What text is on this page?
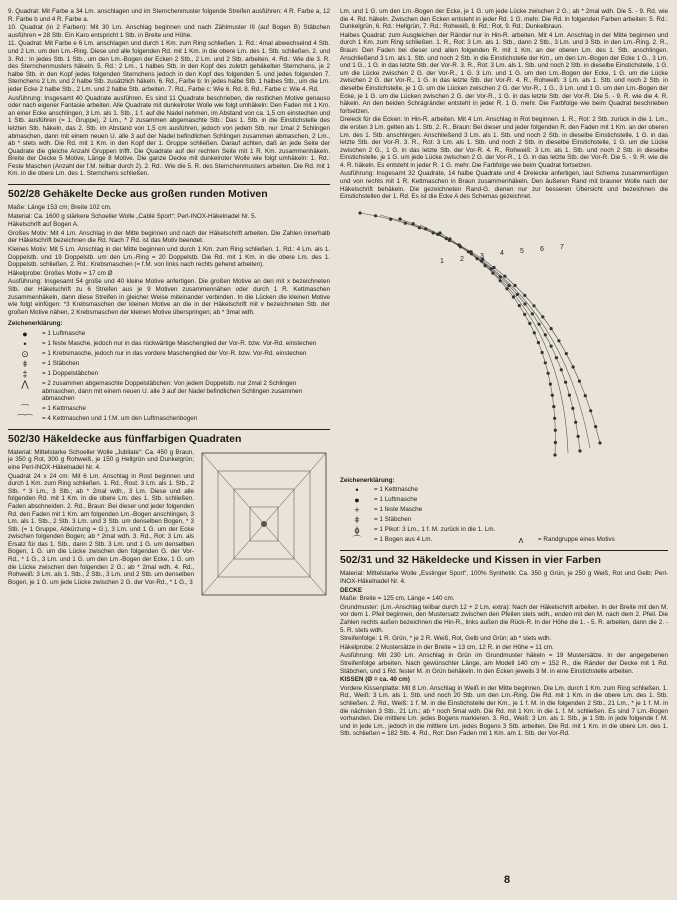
9. Quadrat: Mit Farbe a 34 Lm. anschlagen und im Sternchenmuster folgende Streifen ausführen: 4 R. Farbe a, 12 R. Farbe b und 4 R. Farbe a.

10. Quadrat (in 2 Farben): Mit 30 Lm. Anschlag beginnen und nach Zählmuster III (auf Bogen B) Stäbchen ausführen = 28 Stb. Ein Karo entspricht 1 Stb. in Breite und Höhe.

11. Quadrat: Mit Farbe e 6 Lm. anschlagen und durch 1 Km. zum Ring schließen. 1. Rd.: 4mal abwechselnd 4 Stb. und 2 Lm. um den Lm.-Ring. Diese und alle folgenden Rd. mit 1 Km. in die obere Lm. des 1. Stb. schließen. 2. und 3. Rd.: In jedes Stb. 1 Stb., um den Lm.-Bogen der Ecken 2 Stb., 2 Lm. und 2 Stb. arbeiten. 4. Rd.: Wie die 3. R. des Sternchenmusters häkeln. 5. Rd.: 2 Lm., 1 halbes Stb. in den Kopf des zuletzt gehäkelten Sternchens, je 2 halbe Stb. in den Kopf jedes folgenden Sternchens jedoch in den Kopf des folgenden 5. und jedes folgenden 7. Sternchens 2 Lm. und 2 halbe Stb. zusätzlich häkeln. 6. Rd., Farbe b: In jedes halbe Stb. 1 halbes Stb., um die Lm. jeder Ecke 2 halbe Stb., 2 Lm. und 2 halbe Stb. arbeiten. 7. Rd., Farbe c: Wie 6. Rd. 8. Rd., Farbe c: Wie 4. Rd.

Ausführung: Insgesamt 40 Quadrate ausführen. Es sind 11 Quadrate beschrieben, die restlichen Motive genauso oder nach eigener Fantasie arbeiten. Alle Quadrate mit dunkelroter Wolle wie folgt umhäkeln: Den Faden mit 1 Km. an einer Ecke anschlingen, 3 Lm. als 1. Stb., 1 f. auf die Nadel nehmen, im Abstand von ca. 1,5 cm einstechen und 1 Stb. ausführen (= 1. Gruppe), 2 Lm., * 2 zusammen abgemaschte Stb.: Das 1. Stb. in die Einstichstelle des letzten Stb. häkeln, das 2. Stb. im Abstand von 1,5 cm ausführen, jedoch von jedem Stb. nur 1mal 2 Schlingen abmaschen, dann mit einem neuen U. alle 3 auf der Nadel befindlichen Schlingen zusammen abmaschen, 2 Lm., ab * stets wdh. Die Rd. mit 1 Km. in den Kopf der 1. Gruppe schließen. Darauf achten, daß an jede Seite der Quadrate die gleiche Anzahl Gruppen trifft. Die Quadrate auf der rechten Seite mit 1 R. Km. zusammenhäkeln. Breite der Decke 5 Motive, Länge 8 Motive. Die ganze Decke mit dunkelroter Wolle wie folgt umhäkeln: 1. Rd.: Feste Maschen (Anzahl der f.M. teilbar durch 2). 2. Rd.: Wie die 5. R. des Sternchenmusters arbeiten. Die Rd. mit 1 Km. in die obere Lm. des 1. Sternchens schließen.

502/28 Gehäkelte Decke aus großen runden Motiven

Maße: Länge 153 cm; Breite 102 cm.

Material: Ca. 1600 g stärkere Schoeller Wolle „Cablé Sport“; Perl-INOX-Häkelnadel Nr. 5.

Häkelschrift auf Bogen A.

Großes Motiv: Mit 4 Lm. Anschlag in der Mitte beginnen und nach der Häkelschrift arbeiten. Die Zahlen innerhalb der Häkelschrift bezeichnen die Rd. Nach 7 Rd. ist das Motiv beendet.

Kleines Motiv: Mit 5 Lm. Anschlag in der Mitte beginnen und durch 1 Km. zum Ring schließen. 1. Rd.: 4 Lm. als 1. Doppelstb. und 19 Doppelstb. um den Lm.-Ring = 20 Doppelstb. Die Rd. mit 1 Km. in die obere Lm. des 1. Doppelstb. schließen. 2. Rd.: Krebsmaschen (= f.M. von links nach rechts gehend arbeiten).

Häkelprobe: Großes Motiv = 17 cm Ø

Ausführung: Insgesamt 54 große und 40 kleine Motive anfertigen. Die großen Motive an den mit x bezeichneten Stb. der Häkelschrift zu 6 Streifen aus je 9 Motiven zusammennähen oder durch 1 R. Kettmaschen zusammenhäkeln, dann diese Streifen in gleicher Weise miteinander verbinden. In die Lücken die kleinen Motive wie folgt einfügen: *3 Krebsmaschen der kleinen Motive an die in der Häkelschrift mit v bezeichneten Stb. der großen Motive nähen, 2 Krebsmaschen der kleinen Motive überspringen; ab * 3mal wdh.

Zeichenerklärung:
●	= 1 Luftmasche
•	= 1 feste Masche, jedoch nur in das rückwärtige Maschenglied der Vor-R. bzw. Vor-Rd. einstechen
⊙	= 1 Krebsmasche, jedoch nur in das vordere Maschenglied der Vor-R. bzw. Vor-Rd. einstechen
ǂ	= 1 Stäbchen
‡	= 1 Doppelstäbchen
⋀	= 2 zusammen abgemaschte Doppelstäbchen: Von jedem Doppelstb. nur 2mal 2 Schlingen abmaschen, dann mit einem neuen U. alle 3 auf der Nadel befindlichen Schlingen zusammen abmaschen
⁀	= 1 Kettmasche
⁀⁀	= 4 Kettmaschen und 1 f.M. um den Luftmaschenbogen
502/30 Häkeldecke aus fünffarbigen Quadraten

Material: Mittelstarke Schoeller Wolle „Jubilate“: Ca. 450 g Braun, je 350 g Rot, 300 g Rohweiß, je 150 g Hellgrün und Dunkelgrün; eine Perl-INOX-Häkelnadel Nr. 4.

Quadrat 24 x 24 cm: Mit 6 Lm. Anschlag in Rost beginnen und durch 1 Km. zum Ring schließen. 1. Rd., Rost: 3 Lm. als 1. Stb., 2 Stb. * 3 Lm., 3 Stb.; ab * 2mal wdh., 3 Lm. Diese und alle folgenden Rd. mit 1 Km. in die obere Lm. des 1. Stb. schließen. Faden abschneiden. 2. Rd., Braun: Bei dieser und jeder folgenden Rd. den Faden mit 1 Km. am folgenden Lm.-Bogen anschlingen, 3 Lm. als 1. Stb., 2 Stb. 3 Lm. und 3 Stb. um denselben Bogen, * 3 Stb. (= 1 Gruppe, Abkürzung = G.), 3 Lm. und 1 G. um der Ecke zwischen folgenden Bogen; ab * 2mal wdh. 3. Rd., Rot: 3 Lm. als Ersatz für das 1. Stb., dann 2 Stb. 3 Lm. und 1 G. um denselben Bogen, 1 G. um die Lücke zwischen den folgenden G. der Vor-Rd., * 1 G., 3 Lm. und 1 G. um den Lm.-Bogen der Ecke, 1 G. um die Lücke zwischen den folgenden 2 G.; ab * 2mal wdh. 4. Rd., Rohweiß: 3 Lm. als 1. Stb., 2 Stb., 3 Lm. und 2 Stb. um denselben Bogen, je 1 G. um jede Lücke zwischen 2 G. der Vor-Rd., * 1 G., 3

Lm. und 1 G. um den Lm.-Bogen der Ecke, je 1 G. um jede Lücke zwischen 2 G.; ab * 2mal wdh. Die 5. - 9. Rd. wie die 4. Rd. häkeln. Zwischen den Ecken entsteht in jeder Rd. 1 G. mehr. Die Rd. in folgenden Farben arbeiten: 5. Rd.: Dunkelgrün, 6. Rd.: Hellgrün, 7. Rd.: Rohweiß, 8. Rd.: Rot, 9. Rd.: Dunkelbraun.

Halbes Quadrat: zum Ausgleichen der Ränder nur in Hin-R. arbeiten. Mit 4 Lm. Anschlag in der Mitte beginnen und durch 1 Km. zum Ring schließen. 1. R., Rot: 3 Lm. als 1. Stb., dann 2 Stb., 3 Lm. und 3 Stb. in den Lm.-Ring. 2. R., Braun: Den Faden bei dieser und allen folgenden R. mit 1 Km. an der oberen Lm. des 1. Stb. anschlingen. Anschließend 3 Lm. als 1. Stb. und noch 2 Stb. in die Einstichstelle der Km., um den Lm.-Bogen der Ecke 1 G., 3 Lm. und 1 G., 1 G. in das letzte Stb. der Vor-R. 3. R., Rot: 3 Lm. als 1. Stb. und noch 2 Stb. in dieselbe Einstichstelle, 1 G. um die Lücke zwischen 2 G. der Vor-R., 1 G. 3 Lm. und 1 G. um den Lm.-Bogen der Ecke, 1 G. um die Lücke zwischen 2 G. der Vor-R., 1 G. in das letzte Stb. der Vor-R. 4. R., Rohweiß: 3 Lm. als 1. Stb. und noch 2 Stb. in dieselbe Einstichstelle, je 1 G. um die Lücken zwischen 2 G. der Vor-R., 1 G., 3 Lm. und 1 G. um den Lm.-Bogen der Ecke, je 1 G. um die Lücken zwischen 2 G. der Vor-R., 1 G. in das letzte Stb. der Vor-R. Die 5. - 9. R. wie die 4. R. häkeln. An den beiden Schrägränder entsteht in jeder R. 1 G. mehr. Die Farbfolge wie beim Quadrat beschrieben fortsetzen.

Dreieck für die Ecken: In Hin-R. arbeiten. Mit 4 Lm. Anschlag in Rot beginnen. 1. R., Rot: 2 Stb. zurück in die 1. Lm., die ersten 3 Lm. gelten als 1. Stb. 2. R., Braun: Bei dieser und jeder folgenden R. den Faden mit 1 Km. an der oberen Lm. des 1. Stb. anschlingen. Anschließend 3 Lm. als 1. Stb. und noch 2 Stb. in dieselbe Einstichstelle, 1 G. in das letzte Stb. der Vor-R. 3. R., Rot: 3 Lm. als 1. Stb. und noch 2 Stb. in dieselbe Einstichstelle, 1 G. um die Lücke zwischen 2 G., 1 G. in das letzte Stb. der Vor-R. 4. R., Rohweiß: 3 Lm. als 1. Stb. und noch 2 Stb. in dieselbe Einstichstelle, je 1 G. um jede Lücke zwischen 2 G. der Vor-R., 1 G. in das letzte Stb. der Vor-R. Die 5. - 9. R. wie die 4. R. häkeln. Es entsteht in jeder R. 1 G. mehr. Die Farbfolge wie beim Quadrat fortsetzen.

Ausführung: Insgesamt 32 Quadrate, 14 halbe Quadrate und 4 Dreiecke anfertigen, laut Schema zusammenfügen und von rechts mit 1 R. Kettmaschen in Braun zusammenhäkeln. Den äußeren Rand mit brauner Wolle nach der Häkelschrift behäkeln. Die gezeichneten Rand-G. dienen nur zur besseren Übersicht und bezeichnen die Einstichstellen der 1. Rd. Es ist die Ecke A des Schemas gezeichnet.

1 2 3 4 5 6 7
Zeichenerklärung:
•	= 1 Kettmasche
●	= 1 Luftmasche
+	= 1 feste Masche
ǂ	= 1 Stäbchen
ϕ	= 1 Pikot: 3 Lm., 1 f. M. zurück in die 1. Lm.
⌒	= 1 Bogen aus 4 Lm.	ʌ	= Randgruppe eines Motivs
502/31 und 32 Häkeldecke und Kissen in vier Farben

Material: Mittelstarke Wolle „Esslinger Sport“, 100% Synthetik: Ca. 350 g Grün, je 250 g Weiß, Rot und Gelb; Perl-INOX-Häkelnadel Nr. 4.

DECKE

Maße: Breite = 125 cm, Länge = 140 cm.

Grundmuster: (Lm.-Anschlag teilbar durch 12 + 2 Lm. extra): Nach der Häkelschrift arbeiten. In der Breite mit den M. vor dem 1. Pfeil beginnen, den Mustersatz zwischen den Pfeilen stets wdh., enden mit den M. nach dem 2. Pfeil. Die Zahlen rechts außen bezeichnen die Hin-R., links außen die Rück-R. In der Höhe die 1. - 5. R. arbeiten, dann die 2. - 5. R. stets wdh.

Streifenfolge: 1 R. Grün, * je 2 R. Weiß, Rot, Gelb und Grün; ab * stets wdh.

Häkelprobe: 2 Mustersätze in der Breite = 13 cm, 12 R. in der Höhe = 11 cm.

Ausführung: Mit 230 Lm. Anschlag in Grün im Grundmuster häkeln = 19 Mustersätze. In der angegebenen Streifenfolge arbeiten. Nach gewünschter Länge, am Modell 140 cm = 152 R., die Ränder der Decke mit 1 Rd. Stäbchen, und 1 Rd. fester M. in Grün behäkeln. In den Ecken jeweils 3 M. in eine Einstichstelle arbeiten.

KISSEN (Ø = ca. 40 cm)

Vordere Kissenplatte: Mit 8 Lm. Anschlag in Weiß in der Mitte beginnen. Die Lm. durch 1 Km. zum Ring schließen. 1. Rd., Weiß: 3 Lm. als 1. Stb. und noch 20 Stb. um den Lm.-Ring. Die Rd. mit 1 Km. in die obere Lm. des 1. Stb. schließen. 2. Rd., Weiß: 1 f. M. in die Einstichstelle der Km., je 1 f. M. in die folgenden 2 Stb., 21 Lm., * je 1 f. M. in die nächsten 3 Stb., 21 Lm.; ab * noch 5mal wdh. Die Rd. mit 1 Km. in die 1. f. M. schließen. Es sind 7 Lm.-Bogen vorhanden. Die mittlere Lm. jedes Bogens markieren. 3. Rd., Weiß: 3 Lm. als 1. Stb., je 1 Stb. in jede folgende f. M. und in jede Lm., jedoch in die mittlere Lm. jedes Bogens 3 Stb. arbeiten. Die Rd. mit 1 Km. in die obere Lm. des 1. Stb. schließen = 182 Stb. 4. Rd., Rot: Den Faden mit 1 Km. am 1. Stb. der Vor-Rd.

8
